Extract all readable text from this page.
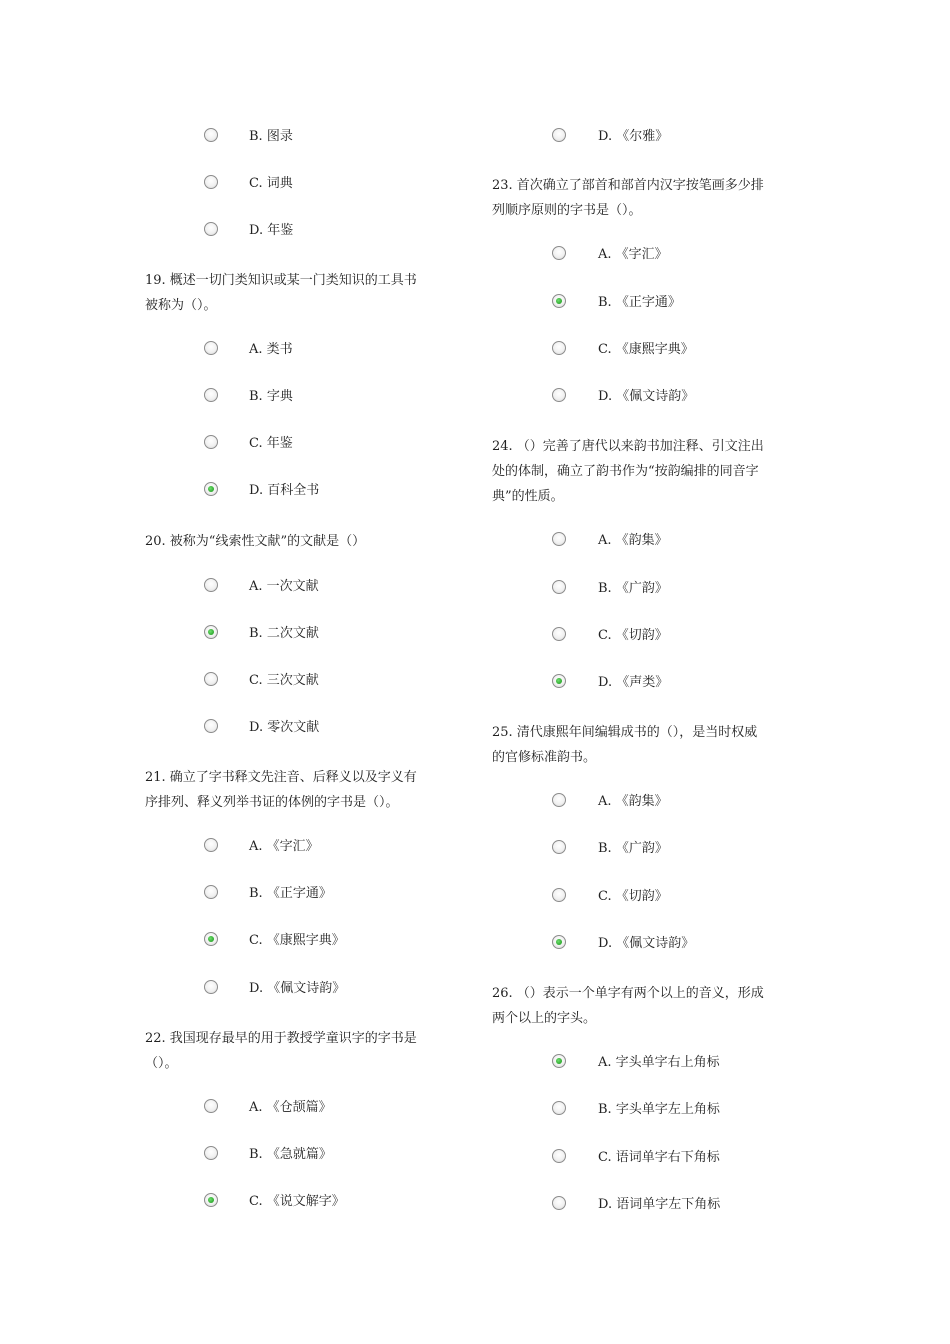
B. 图录
C. 词典
D. 年鉴
19. 概述一切门类知识或某一门类知识的工具书
被称为（）。
A. 类书
B. 字典
C. 年鉴
D. 百科全书
20. 被称为“线索性文献”的文献是（）
A. 一次文献
B. 二次文献
C. 三次文献
D. 零次文献
21. 确立了字书释文先注音、后释义以及字义有
序排列、释义列举书证的体例的字书是（）。
A. 《字汇》
B. 《正字通》
C. 《康熙字典》
D. 《佩文诗韵》
22. 我国现存最早的用于教授学童识字的字书是
（）。
A. 《仓颉篇》
B. 《急就篇》
C. 《说文解字》
D. 《尔雅》
23. 首次确立了部首和部首内汉字按笔画多少排
列顺序原则的字书是（）。
A. 《字汇》
B. 《正字通》
C. 《康熙字典》
D. 《佩文诗韵》
24. （）完善了唐代以来韵书加注释、引文注出
处的体制，确立了韵书作为“按韵编排的同音字
典”的性质。
A. 《韵集》
B. 《广韵》
C. 《切韵》
D. 《声类》
25. 清代康熙年间编辑成书的（），是当时权威
的官修标准韵书。
A. 《韵集》
B. 《广韵》
C. 《切韵》
D. 《佩文诗韵》
26. （）表示一个单字有两个以上的音义，形成
两个以上的字头。
A. 字头单字右上角标
B. 字头单字左上角标
C. 语词单字右下角标
D. 语词单字左下角标
